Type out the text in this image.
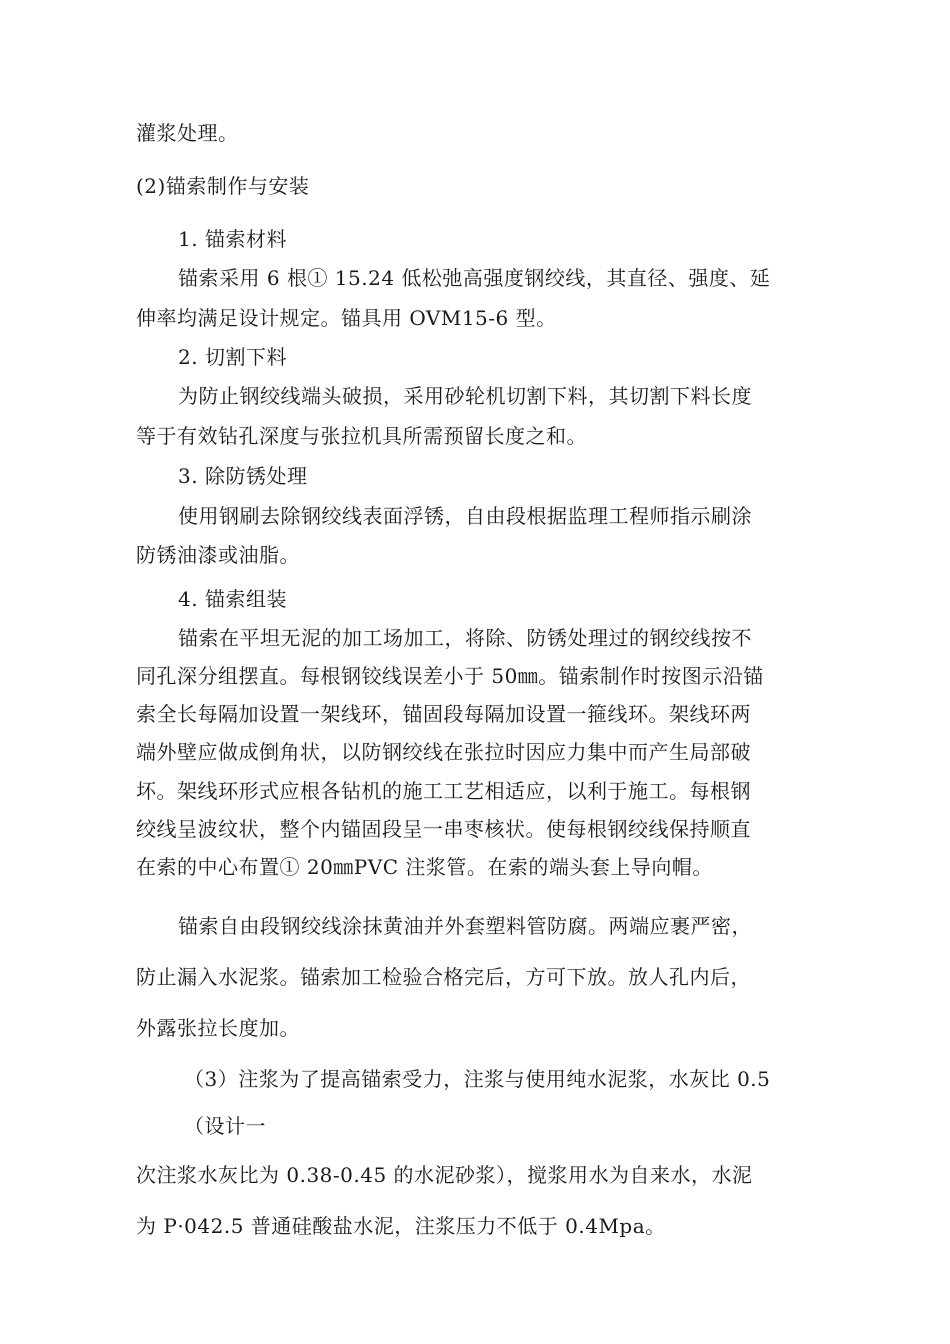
灌浆处理。
(2)锚索制作与安装
1. 锚索材料
锚索采用 6 根① 15.24 低松弛高强度钢绞线，其直径、强度、延
伸率均满足设计规定。锚具用 OVM15-6 型。
2. 切割下料
为防止钢绞线端头破损，采用砂轮机切割下料，其切割下料长度
等于有效钻孔深度与张拉机具所需预留长度之和。
3. 除防锈处理
使用钢刷去除钢绞线表面浮锈，自由段根据监理工程师指示刷涂
防锈油漆或油脂。
4. 锚索组装
锚索在平坦无泥的加工场加工，将除、防锈处理过的钢绞线按不
同孔深分组摆直。每根钢铰线误差小于 50㎜。锚索制作时按图示沿锚
索全长每隔加设置一架线环，锚固段每隔加设置一箍线环。架线环两
端外壁应做成倒角状，以防钢绞线在张拉时因应力集中而产生局部破
坏。架线环形式应根各钻机的施工工艺相适应，以利于施工。每根钢
绞线呈波纹状，整个内锚固段呈一串枣核状。使每根钢绞线保持顺直
在索的中心布置① 20㎜PVC 注浆管。在索的端头套上导向帽。
锚索自由段钢绞线涂抹黄油并外套塑料管防腐。两端应裹严密，
防止漏入水泥浆。锚索加工检验合格完后，方可下放。放人孔内后，
外露张拉长度加。
（3）注浆为了提高锚索受力，注浆与使用纯水泥浆，水灰比 0.5
（设计一
次注浆水灰比为 0.38-0.45 的水泥砂浆），搅浆用水为自来水，水泥
为 P·042.5 普通硅酸盐水泥，注浆压力不低于 0.4Mpa。
